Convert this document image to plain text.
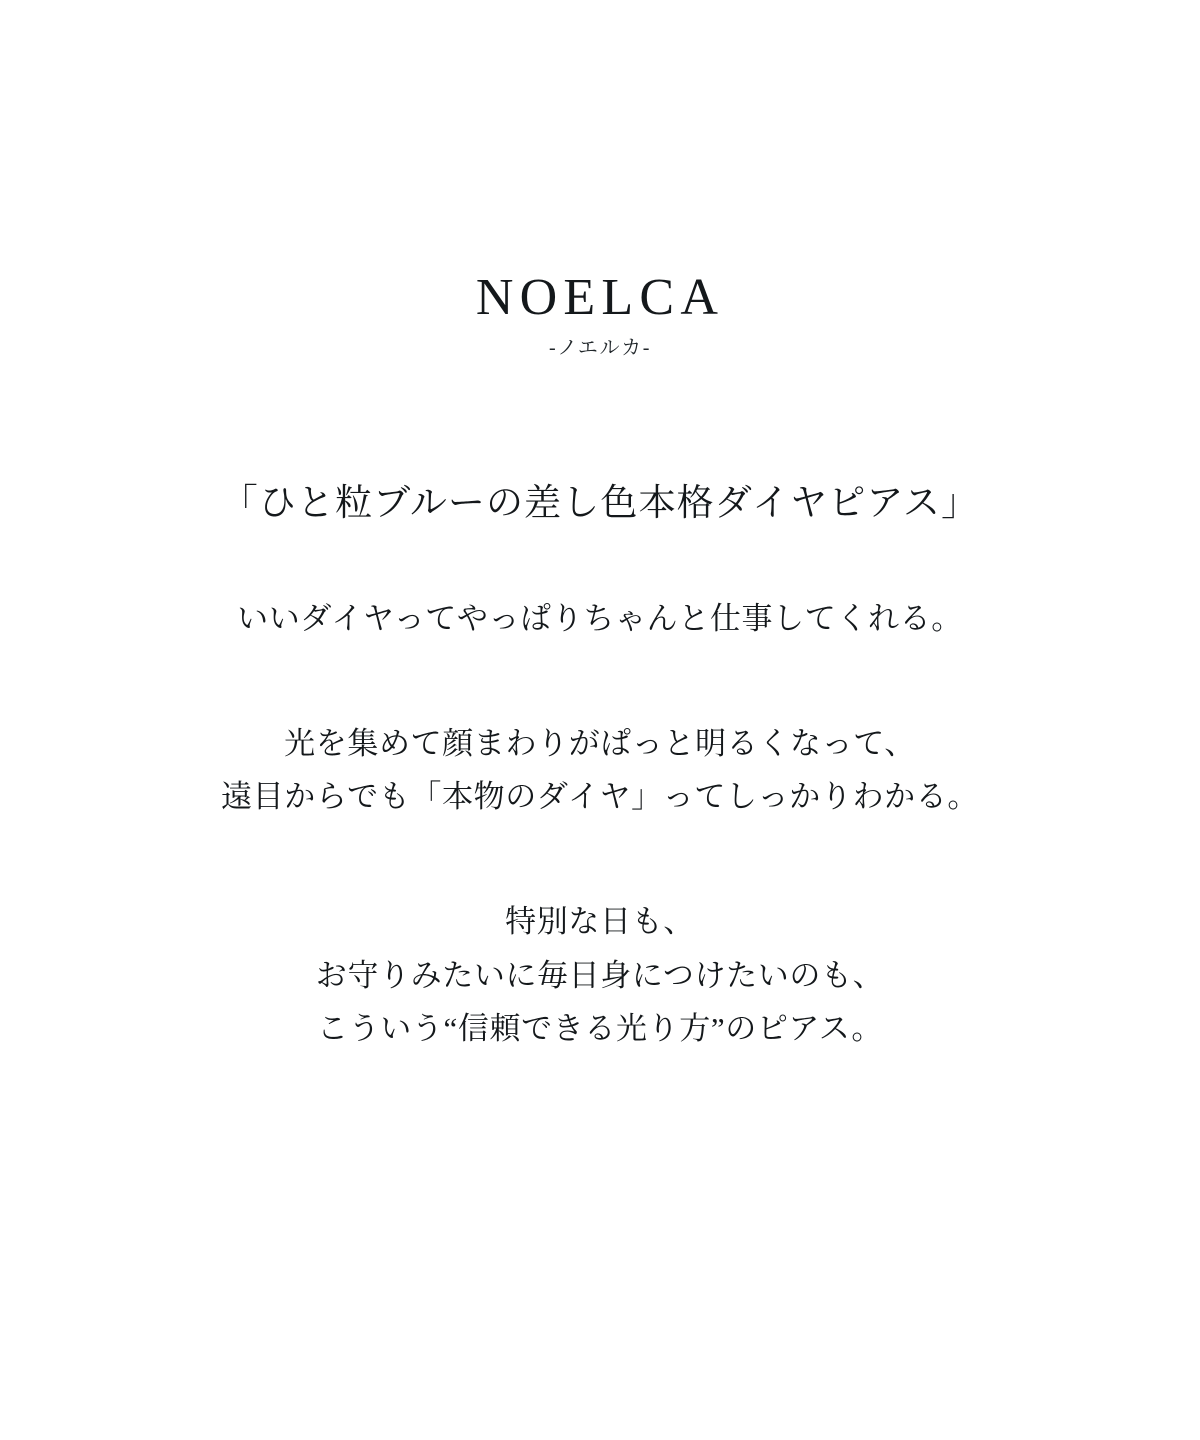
NOELCA
-ノエルカ-
「ひと粒ブルーの差し色本格ダイヤピアス」
いいダイヤってやっぱりちゃんと仕事してくれる。
光を集めて顔まわりがぱっと明るくなって、
遠目からでも「本物のダイヤ」ってしっかりわかる。
特別な日も、
お守りみたいに毎日身につけたいのも、
こういう“信頼できる光り方”のピアス。
